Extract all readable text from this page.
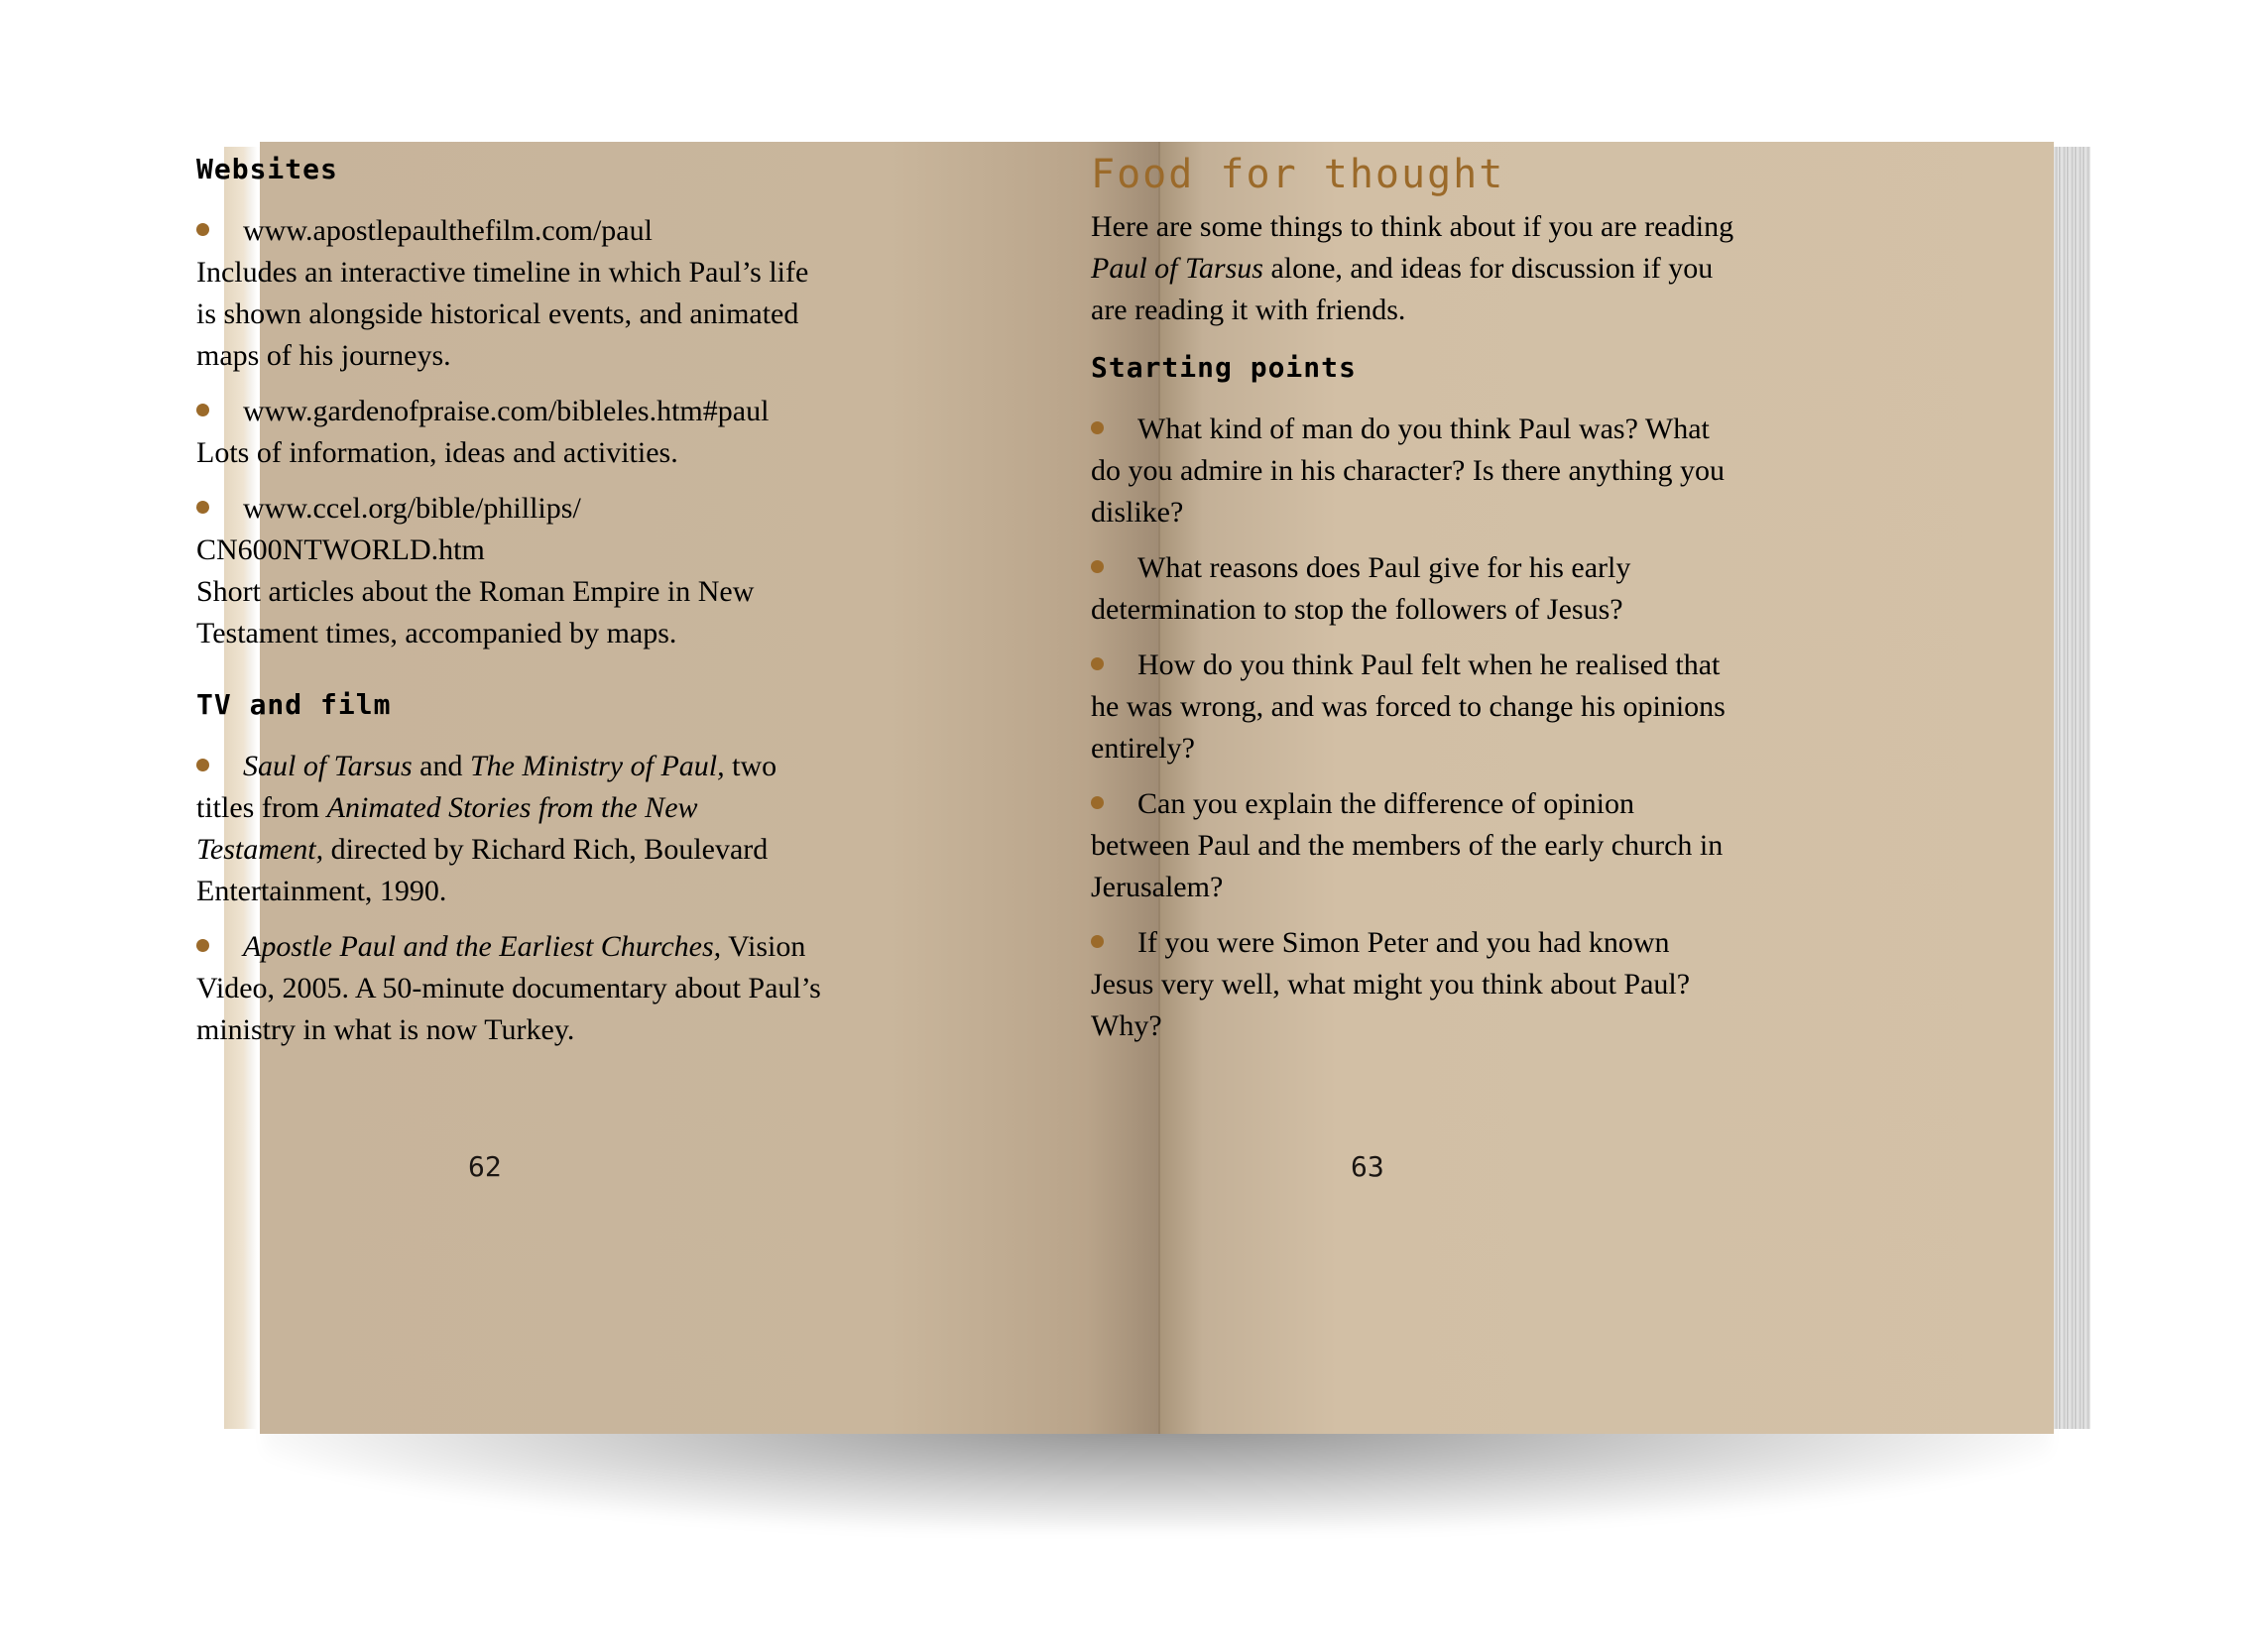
Websites
www.apostlepaulthefilm.com/paul
Includes an interactive timeline in which Paul’s life is shown alongside historical events, and animated maps of his journeys.
www.gardenofpraise.com/bibleles.htm#paul
Lots of information, ideas and activities.
www.ccel.org/bible/phillips/ CN600NTWORLD.htm
Short articles about the Roman Empire in New Testament times, accompanied by maps.
TV and film
Saul of Tarsus and The Ministry of Paul, two titles from Animated Stories from the New Testament, directed by Richard Rich, Boulevard Entertainment, 1990.
Apostle Paul and the Earliest Churches, Vision Video, 2005. A 50-minute documentary about Paul’s ministry in what is now Turkey.
62
Food for thought
Here are some things to think about if you are reading Paul of Tarsus alone, and ideas for discussion if you are reading it with friends.
Starting points
What kind of man do you think Paul was? What do you admire in his character? Is there anything you dislike?
What reasons does Paul give for his early determination to stop the followers of Jesus?
How do you think Paul felt when he realised that he was wrong, and was forced to change his opinions entirely?
Can you explain the difference of opinion between Paul and the members of the early church in Jerusalem?
If you were Simon Peter and you had known Jesus very well, what might you think about Paul? Why?
63
